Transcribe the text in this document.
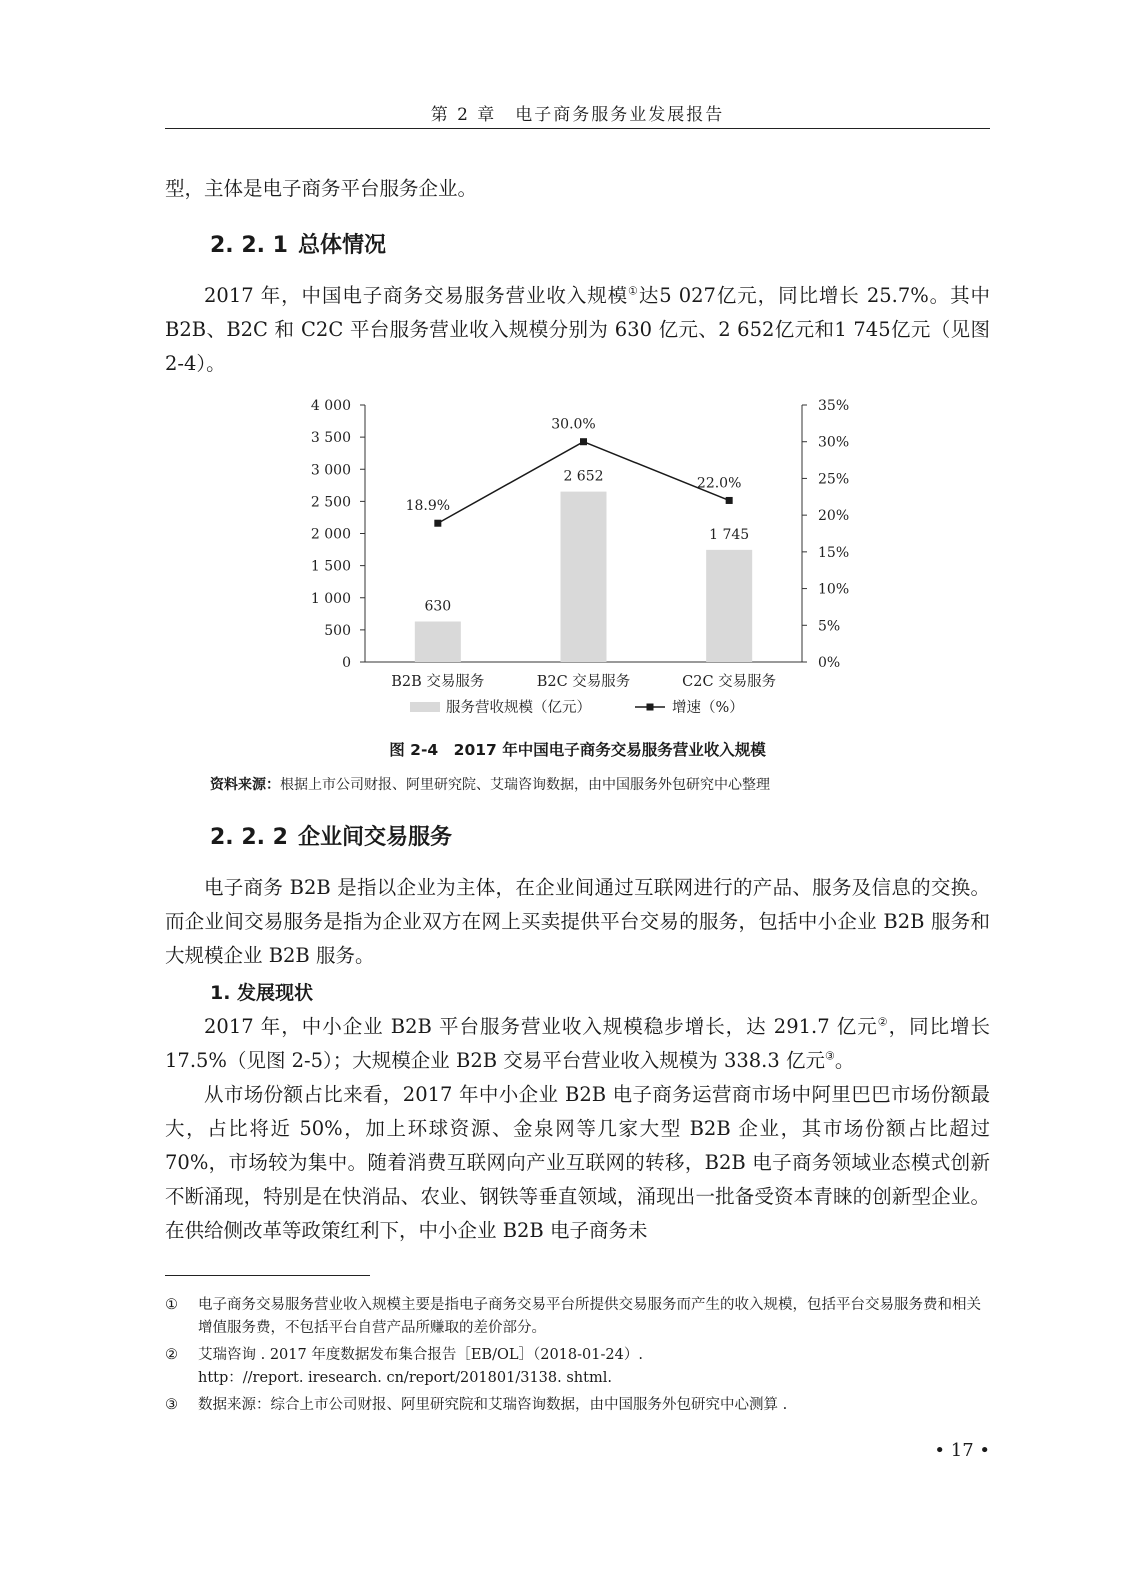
第 2 章　电子商务服务业发展报告
型，主体是电子商务平台服务企业。
2. 2. 1 总体情况
2017 年，中国电子商务交易服务营业收入规模①达5 027亿元，同比增长 25.7%。其中 B2B、B2C 和 C2C 平台服务营业收入规模分别为 630 亿元、2 652亿元和1 745亿元（见图 2-4）。
0
500
1 000
1 500
2 000
2 500
3 000
3 500
4 000
0%
5%
10%
15%
20%
25%
30%
35%
B2B 交易服务	B2C 交易服务	C2C 交易服务
630
2 652
1 745
18.9%
30.0%
22.0%
服务营收规模（亿元）	增速（%）
图 2-4　2017 年中国电子商务交易服务营业收入规模
资料来源：根据上市公司财报、阿里研究院、艾瑞咨询数据，由中国服务外包研究中心整理
2. 2. 2 企业间交易服务
电子商务 B2B 是指以企业为主体，在企业间通过互联网进行的产品、服务及信息的交换。而企业间交易服务是指为企业双方在网上买卖提供平台交易的服务，包括中小企业 B2B 服务和大规模企业 B2B 服务。
1. 发展现状
2017 年，中小企业 B2B 平台服务营业收入规模稳步增长，达 291.7 亿元②，同比增长 17.5%（见图 2-5）；大规模企业 B2B 交易平台营业收入规模为 338.3 亿元③。
从市场份额占比来看，2017 年中小企业 B2B 电子商务运营商市场中阿里巴巴市场份额最大，占比将近 50%，加上环球资源、金泉网等几家大型 B2B 企业，其市场份额占比超过 70%，市场较为集中。随着消费互联网向产业互联网的转移，B2B 电子商务领域业态模式创新不断涌现，特别是在快消品、农业、钢铁等垂直领域，涌现出一批备受资本青睐的创新型企业。在供给侧改革等政策红利下，中小企业 B2B 电子商务未
①	电子商务交易服务营业收入规模主要是指电子商务交易平台所提供交易服务而产生的收入规模，包括平台交易服务费和相关增值服务费，不包括平台自营产品所赚取的差价部分。
②	艾瑞咨询 . 2017 年度数据发布集合报告［EB/OL］（2018-01-24）.
http：//report. iresearch. cn/report/201801/3138. shtml.
③	数据来源：综合上市公司财报、阿里研究院和艾瑞咨询数据，由中国服务外包研究中心测算 .
• 17 •
